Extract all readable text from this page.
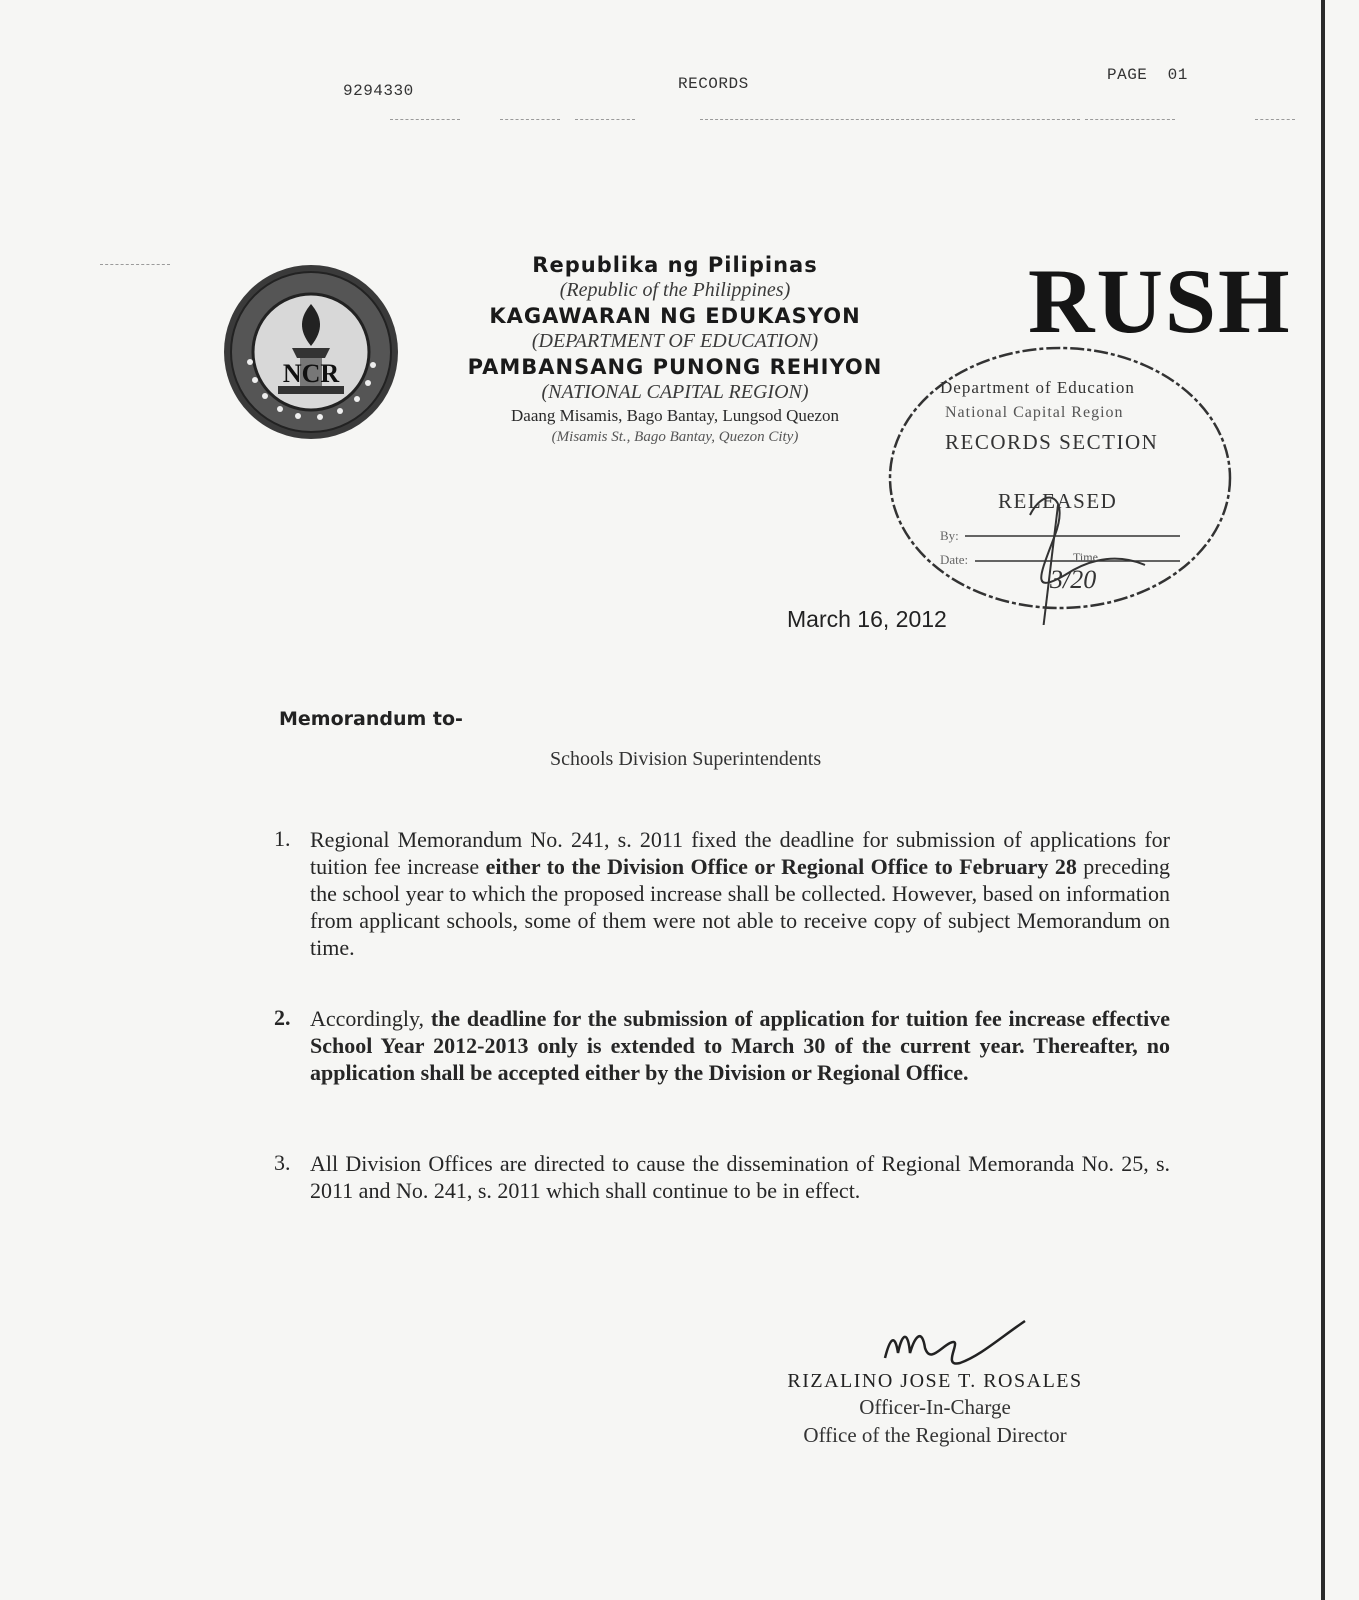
9294330	RECORDS	PAGE  01
NCR
Republika ng Pilipinas
(Republic of the Philippines)
KAGAWARAN NG EDUKASYON
(DEPARTMENT OF EDUCATION)
PAMBANSANG PUNONG REHIYON
(NATIONAL CAPITAL REGION)
Daang Misamis, Bago Bantay, Lungsod Quezon
(Misamis St., Bago Bantay, Quezon City)
RUSH
Department of Education
National Capital Region
RECORDS SECTION
RELEASED
By:
Date:	Time
3/20
March 16, 2012
Memorandum to-
Schools Division Superintendents
1. Regional Memorandum No. 241, s. 2011 fixed the deadline for submission of applications for tuition fee increase either to the Division Office or Regional Office to February 28 preceding the school year to which the proposed increase shall be collected. However, based on information from applicant schools, some of them were not able to receive copy of subject Memorandum on time.
2. Accordingly, the deadline for the submission of application for tuition fee increase effective School Year 2012-2013 only is extended to March 30 of the current year. Thereafter, no application shall be accepted either by the Division or Regional Office.
3. All Division Offices are directed to cause the dissemination of Regional Memoranda No. 25, s. 2011 and No. 241, s. 2011 which shall continue to be in effect.
RIZALINO JOSE T. ROSALES
Officer-In-Charge
Office of the Regional Director
